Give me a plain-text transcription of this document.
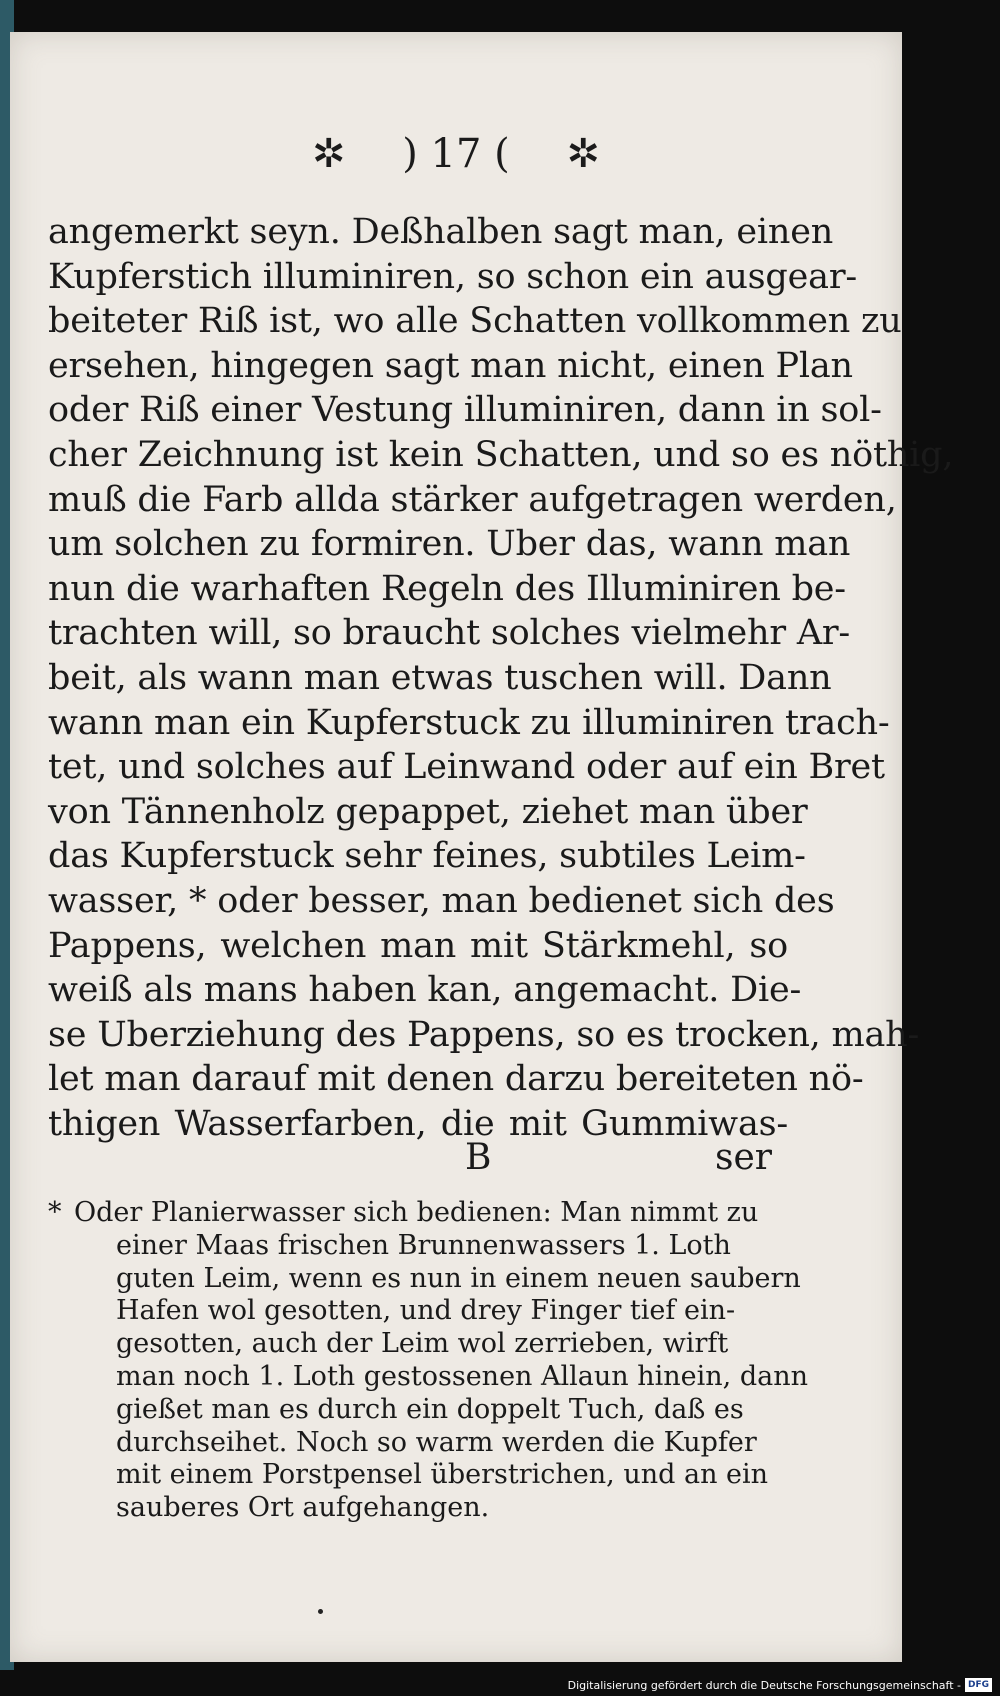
✲ ) 17 ( ✲
angemerkt seyn. Deßhalben sagt man, einen
Kupferstich illuminiren, so schon ein ausgear-
beiteter Riß ist, wo alle Schatten vollkommen zu
ersehen, hingegen sagt man nicht, einen Plan
oder Riß einer Vestung illuminiren, dann in sol-
cher Zeichnung ist kein Schatten, und so es nöthig,
muß die Farb allda stärker aufgetragen werden,
um solchen zu formiren. Uber das, wann man
nun die warhaften Regeln des Illuminiren be-
trachten will, so braucht solches vielmehr Ar-
beit, als wann man etwas tuschen will. Dann
wann man ein Kupferstuck zu illuminiren trach-
tet, und solches auf Leinwand oder auf ein Bret
von Tännenholz gepappet, ziehet man über
das Kupferstuck sehr feines, subtiles Leim-
wasser, * oder besser, man bedienet sich des
Pappens, welchen man mit Stärkmehl, so
weiß als mans haben kan, angemacht. Die-
se Uberziehung des Pappens, so es trocken, mah-
let man darauf mit denen darzu bereiteten nö-
thigen Wasserfarben, die mit Gummiwas-
B	ser
* Oder Planierwasser sich bedienen: Man nimmt zu
einer Maas frischen Brunnenwassers 1. Loth
guten Leim, wenn es nun in einem neuen saubern
Hafen wol gesotten, und drey Finger tief ein-
gesotten, auch der Leim wol zerrieben, wirft
man noch 1. Loth gestossenen Allaun hinein, dann
gießet man es durch ein doppelt Tuch, daß es
durchseihet. Noch so warm werden die Kupfer
mit einem Porstpensel überstrichen, und an ein
sauberes Ort aufgehangen.
Digitalisierung gefördert durch die Deutsche Forschungsgemeinschaft - DFG
